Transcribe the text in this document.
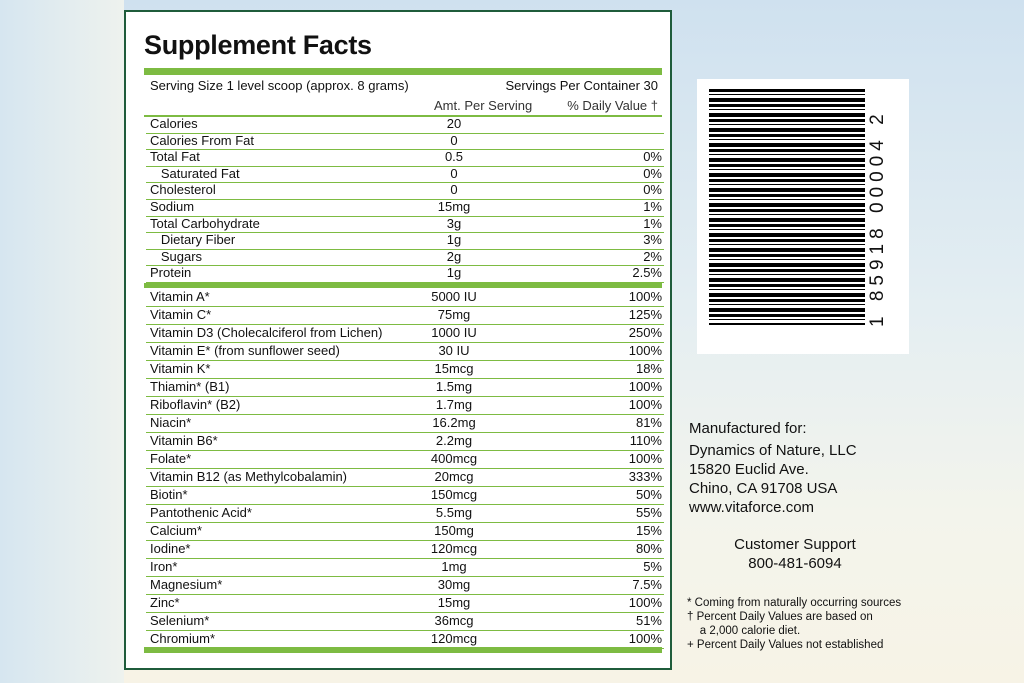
Supplement Facts
Serving Size 1 level scoop (approx. 8 grams)	Servings Per Container 30
Amt. Per Serving	% Daily Value †
Calories	20
Calories From Fat	0
Total Fat	0.5	0%
Saturated Fat	0	0%
Cholesterol	0	0%
Sodium	15mg	1%
Total Carbohydrate	3g	1%
Dietary Fiber	1g	3%
Sugars	2g	2%
Protein	1g	2.5%
Vitamin A*	5000 IU	100%
Vitamin C*	75mg	125%
Vitamin D3 (Cholecalciferol from Lichen)	1000 IU	250%
Vitamin E* (from sunflower seed)	30 IU	100%
Vitamin K*	15mcg	18%
Thiamin* (B1)	1.5mg	100%
Riboflavin* (B2)	1.7mg	100%
Niacin*	16.2mg	81%
Vitamin B6*	2.2mg	110%
Folate*	400mcg	100%
Vitamin B12 (as Methylcobalamin)	20mcg	333%
Biotin*	150mcg	50%
Pantothenic Acid*	5.5mg	55%
Calcium*	150mg	15%
Iodine*	120mcg	80%
Iron*	1mg	5%
Magnesium*	30mg	7.5%
Zinc*	15mg	100%
Selenium*	36mcg	51%
Chromium*	120mcg	100%
1 85918 00004 2
Manufactured for:
Dynamics of Nature, LLC
15820 Euclid Ave.
Chino, CA 91708 USA
www.vitaforce.com
Customer Support
800-481-6094
* Coming from naturally occurring sources
† Percent Daily Values are based on
a 2,000 calorie diet.
+ Percent Daily Values not established
